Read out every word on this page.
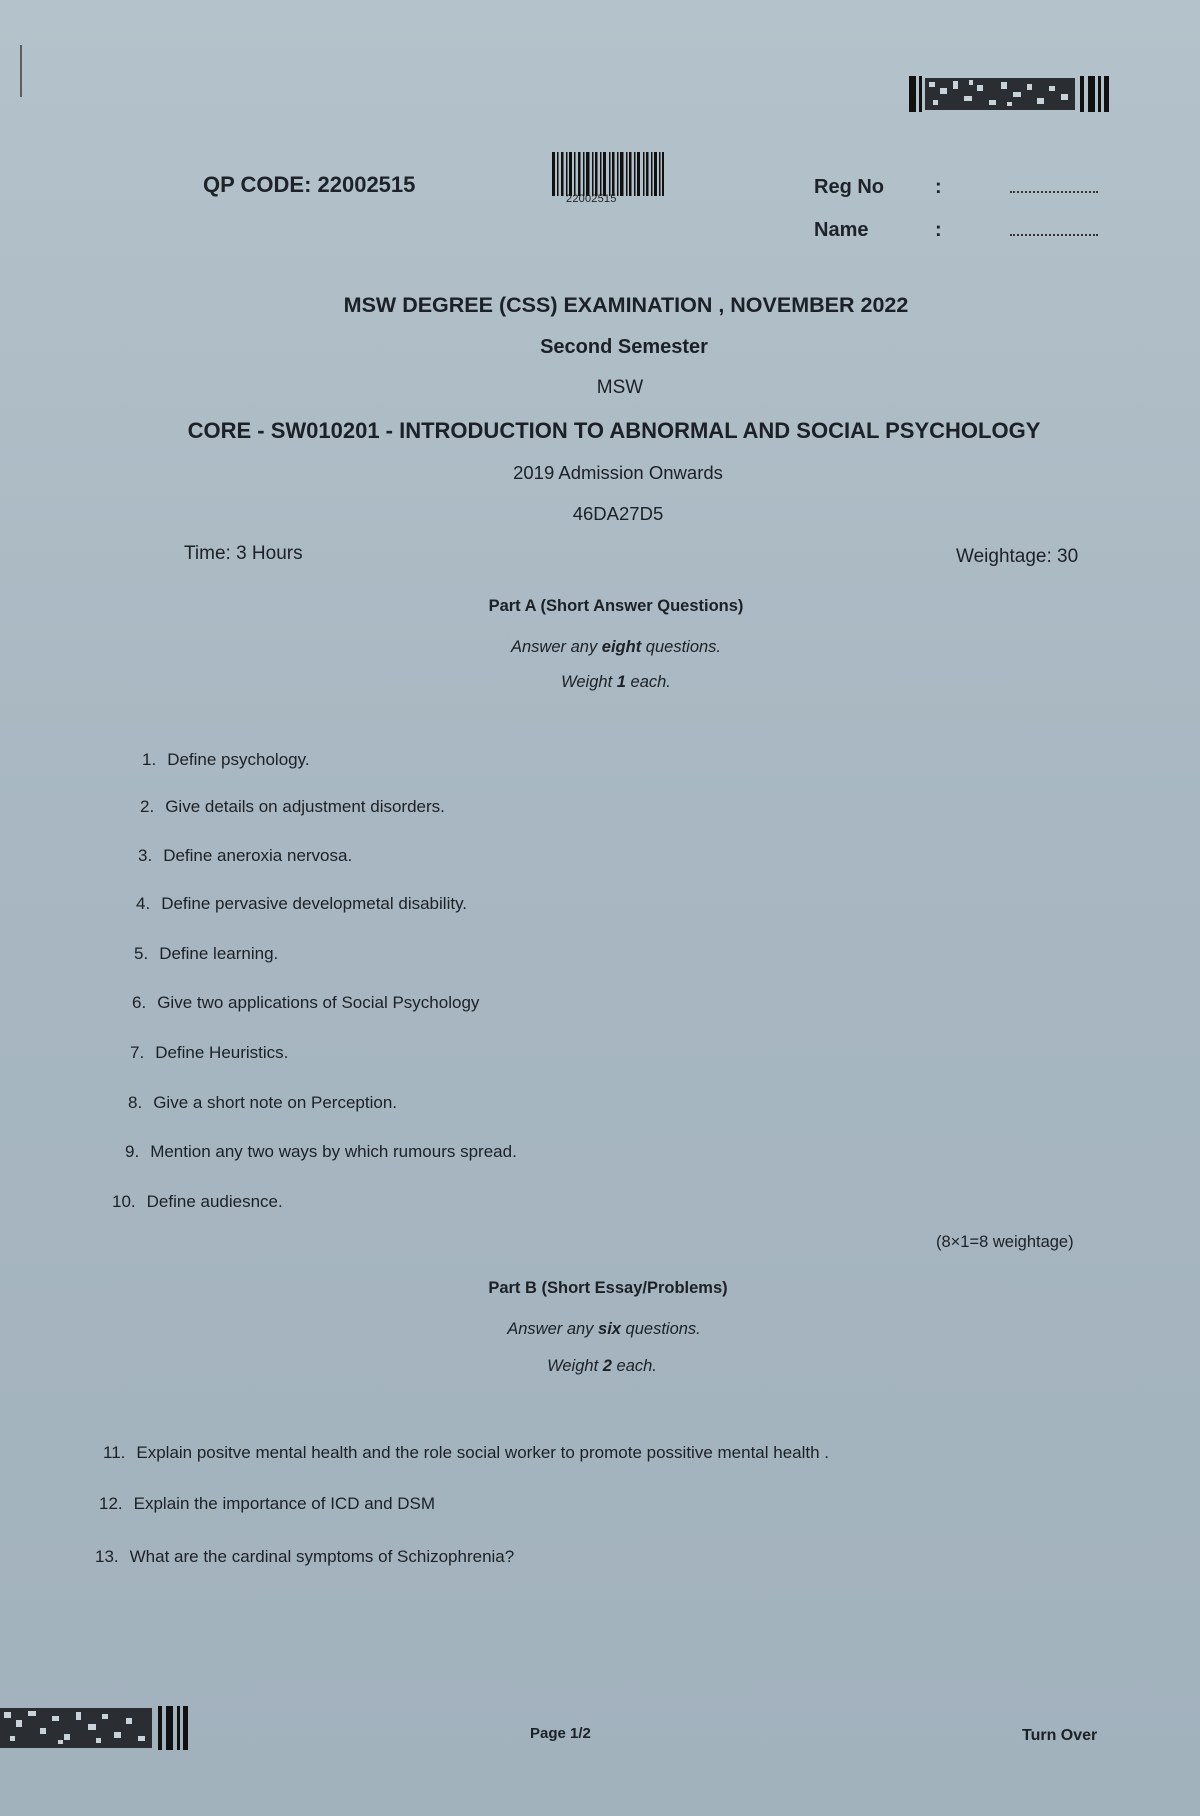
QP CODE: 22002515
22002515
Reg No	:
Name	:
MSW DEGREE (CSS) EXAMINATION , NOVEMBER 2022
Second Semester
MSW
CORE - SW010201 - INTRODUCTION TO ABNORMAL AND SOCIAL PSYCHOLOGY
2019 Admission Onwards
46DA27D5
Time: 3 Hours	Weightage: 30
Part A (Short Answer Questions)
Answer any eight questions.
Weight 1 each.
1. Define psychology.
2. Give details on adjustment disorders.
3. Define aneroxia nervosa.
4. Define pervasive developmetal disability.
5. Define learning.
6. Give two applications of Social Psychology
7. Define Heuristics.
8. Give a short note on Perception.
9. Mention any two ways by which rumours spread.
10. Define audiesnce.
(8×1=8 weightage)
Part B (Short Essay/Problems)
Answer any six questions.
Weight 2 each.
11. Explain positve mental health and the role social worker to promote possitive mental health .
12. Explain the importance of ICD and DSM
13. What are the cardinal symptoms of Schizophrenia?
Page 1/2	Turn Over
